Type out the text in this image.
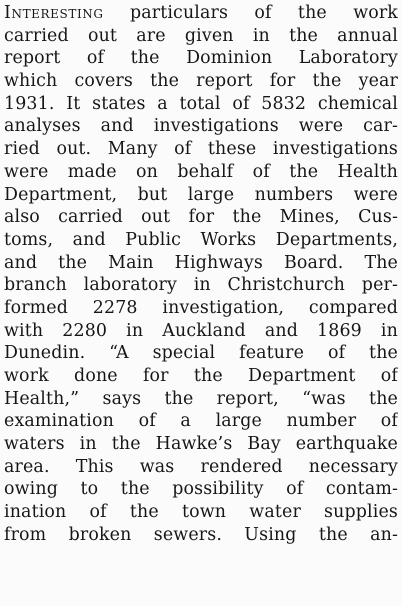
Interesting particulars of the work
carried out are given in the annual
report of the Dominion Laboratory
which covers the report for the year
1931. It states a total of 5832 chemical
analyses and investigations were car-
ried out. Many of these investigations
were made on behalf of the Health
Department, but large numbers were
also carried out for the Mines, Cus-
toms, and Public Works Departments,
and the Main Highways Board. The
branch laboratory in Christchurch per-
formed 2278 investigation, compared
with 2280 in Auckland and 1869 in
Dunedin. “A special feature of the
work done for the Department of
Health,” says the report, “was the
examination of a large number of
waters in the Hawke’s Bay earthquake
area. This was rendered necessary
owing to the possibility of contam-
ination of the town water supplies
from broken sewers. Using the an-
